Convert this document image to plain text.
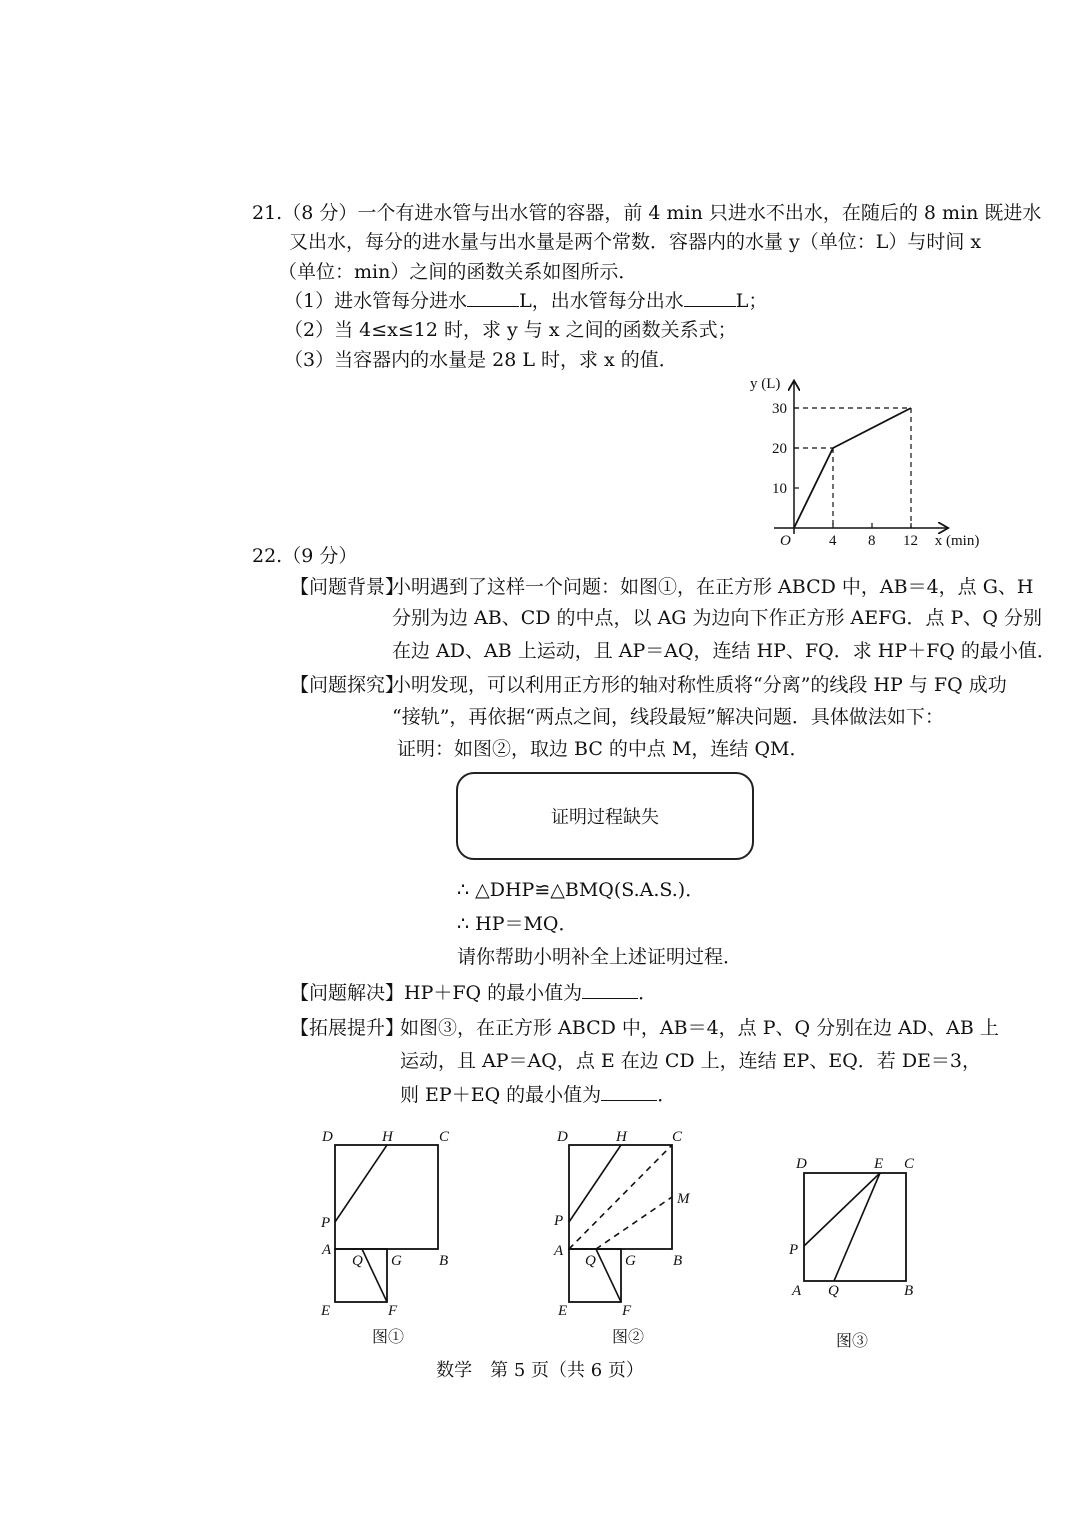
21.（8 分）一个有进水管与出水管的容器，前 4 min 只进水不出水，在随后的 8 min 既进水
又出水，每分的进水量与出水量是两个常数．容器内的水量 y（单位：L）与时间 x
（单位：min）之间的函数关系如图所示．
（1）进水管每分进水	L，出水管每分出水	L；
（2）当 4≤x≤12 时，求 y 与 x 之间的函数关系式；
（3）当容器内的水量是 28 L 时，求 x 的值．
y (L)
x (min)
O	4 8 12
10
20
30
22.（9 分）
【问题背景】
小明遇到了这样一个问题：如图①，在正方形 ABCD 中，AB＝4，点 G、H
分别为边 AB、CD 的中点，以 AG 为边向下作正方形 AEFG．点 P、Q 分别
在边 AD、AB 上运动，且 AP＝AQ，连结 HP、FQ．求 HP＋FQ 的最小值．
【问题探究】
小明发现，可以利用正方形的轴对称性质将“分离”的线段 HP 与 FQ 成功
“接轨”，再依据“两点之间，线段最短”解决问题．具体做法如下：
证明：如图②，取边 BC 的中点 M，连结 QM．
证明过程缺失
∴ △DHP≌△BMQ(S.A.S.)．
∴ HP＝MQ．
请你帮助小明补全上述证明过程．
【问题解决】HP＋FQ 的最小值为	．
【拓展提升】
如图③，在正方形 ABCD 中，AB＝4，点 P、Q 分别在边 AD、AB 上
运动，且 AP＝AQ，点 E 在边 CD 上，连结 EP、EQ．若 DE＝3，
则 EP＋EQ 的最小值为	．
D	H	C
P
A
Q G B
E	F
图①
D	H	C
M
P
A
Q G B
E	F
图②
D	E C
P
A Q	B
图③
数学　第 5 页（共 6 页）
